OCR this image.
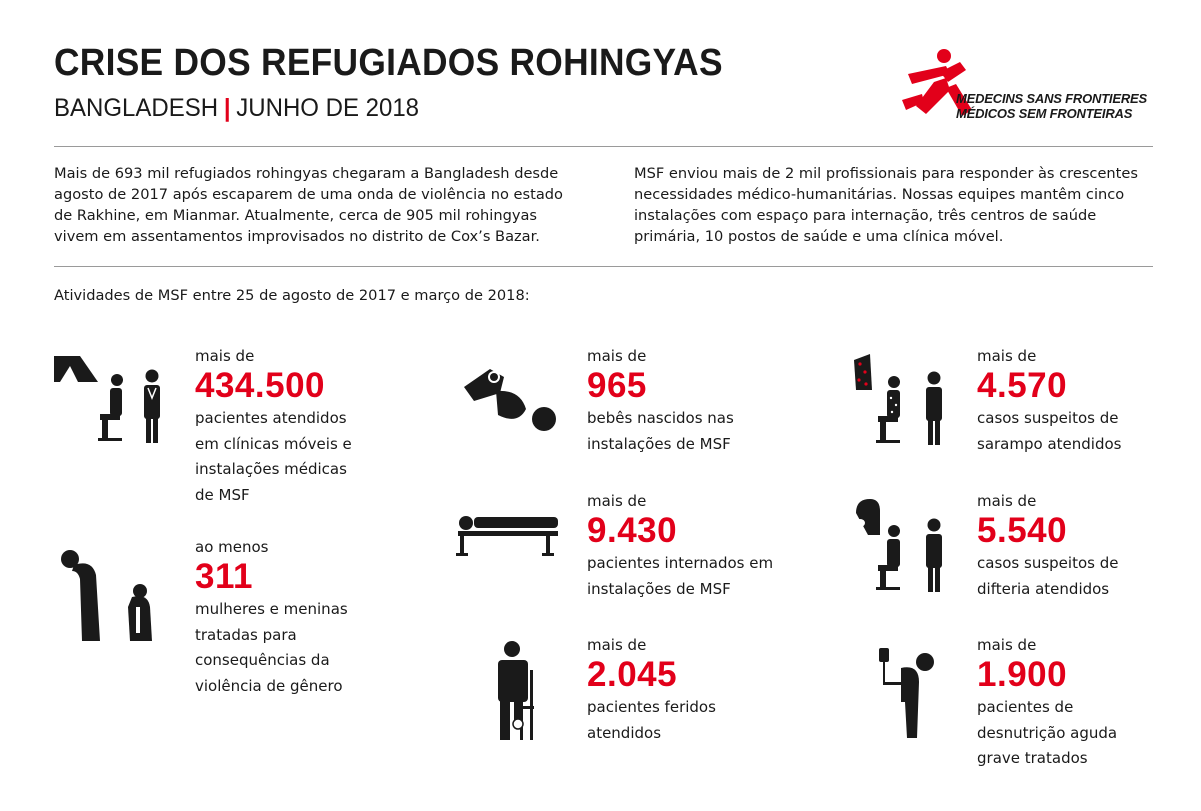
CRISE DOS REFUGIADOS ROHINGYAS
BANGLADESH | JUNHO DE 2018	MEDECINS SANS FRONTIERES
MÉDICOS SEM FRONTEIRAS
Mais de 693 mil refugiados rohingyas chegaram a Bangladesh desde agosto de 2017 após escaparem de uma onda de violência no estado de Rakhine, em Mianmar. Atualmente, cerca de 905 mil rohingyas vivem em assentamentos improvisados no distrito de Cox’s Bazar.
MSF enviou mais de 2 mil profissionais para responder às crescentes necessidades médico-humanitárias. Nossas equipes mantêm cinco instalações com espaço para internação, três centros de saúde primária, 10 postos de saúde e uma clínica móvel.
Atividades de MSF entre 25 de agosto de 2017 e março de 2018:
mais de
434.500
pacientes atendidos em clínicas móveis e instalações médicas de MSF
ao menos
311
mulheres e meninas tratadas para consequências da violência de gênero
mais de
965
bebês nascidos nas instalações de MSF
mais de
9.430
pacientes internados em instalações de MSF
mais de
2.045
pacientes feridos atendidos
mais de
4.570
casos suspeitos de sarampo atendidos
mais de
5.540
casos suspeitos de difteria atendidos
mais de
1.900
pacientes de desnutrição aguda grave tratados
